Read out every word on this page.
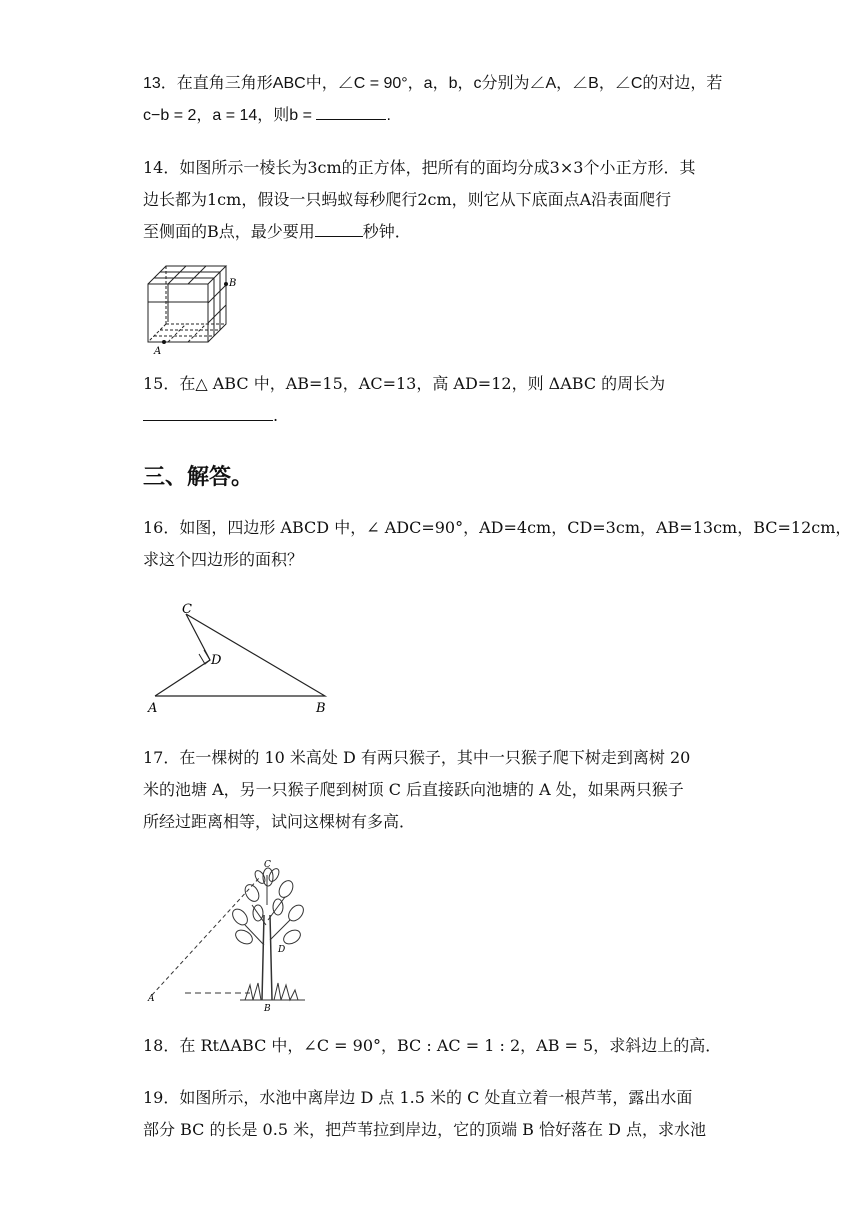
13．在直角三角形ABC中，∠C = 90°，a，b，c分别为∠A，∠B，∠C的对边，若
c−b = 2，a = 14，则b =	.
14．如图所示一棱长为3cm的正方体，把所有的面均分成3×3个小正方形．其
边长都为1cm，假设一只蚂蚁每秒爬行2cm，则它从下底面点A沿表面爬行
至侧面的B点，最少要用	秒钟．
A
B
15．在△ ABC 中，AB=15，AC=13，高 AD=12，则 ΔABC 的周长为
.
三、解答。
16．如图，四边形 ABCD 中，∠ ADC=90°，AD=4cm，CD=3cm，AB=13cm，BC=12cm，
求这个四边形的面积？
C
D
A	B
17．在一棵树的 10 米高处 D 有两只猴子，其中一只猴子爬下树走到离树 20
米的池塘 A，另一只猴子爬到树顶 C 后直接跃向池塘的 A 处，如果两只猴子
所经过距离相等，试问这棵树有多高．
C
D
A
B
18．在 RtΔABC 中，∠C = 90°，BC : AC = 1 : 2，AB = 5，求斜边上的高．
19．如图所示，水池中离岸边 D 点 1.5 米的 C 处直立着一根芦苇，露出水面
部分 BC 的长是 0.5 米，把芦苇拉到岸边，它的顶端 B 恰好落在 D 点，求水池
